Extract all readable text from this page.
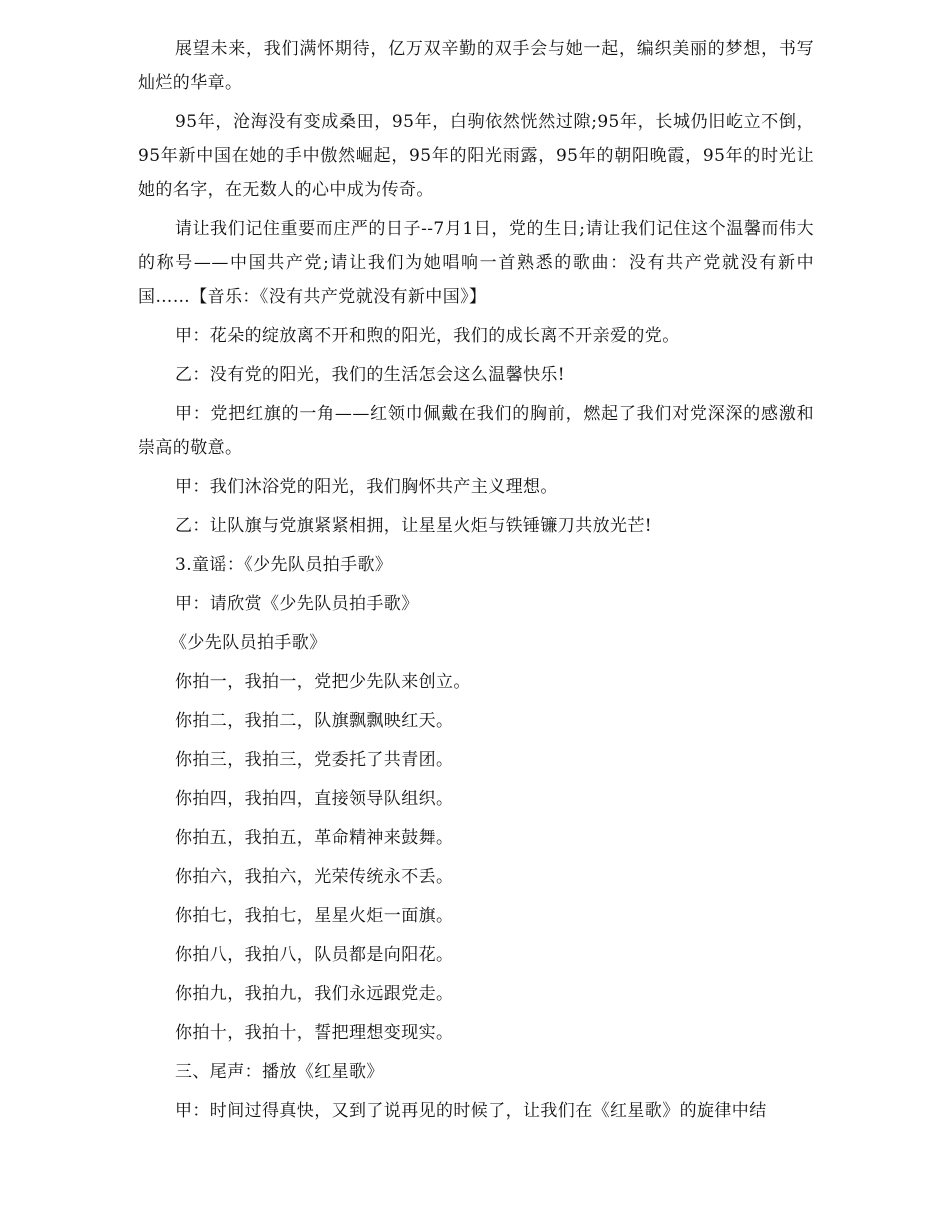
展望未来，我们满怀期待，亿万双辛勤的双手会与她一起，编织美丽的梦想，书写灿烂的华章。

95年，沧海没有变成桑田，95年，白驹依然恍然过隙;95年，长城仍旧屹立不倒，95年新中国在她的手中傲然崛起，95年的阳光雨露，95年的朝阳晚霞，95年的时光让她的名字，在无数人的心中成为传奇。

请让我们记住重要而庄严的日子--7月1日，党的生日;请让我们记住这个温馨而伟大的称号——中国共产党;请让我们为她唱响一首熟悉的歌曲：没有共产党就没有新中国……【音乐：《没有共产党就没有新中国》】

甲：花朵的绽放离不开和煦的阳光，我们的成长离不开亲爱的党。

乙：没有党的阳光，我们的生活怎会这么温馨快乐!

甲：党把红旗的一角——红领巾佩戴在我们的胸前，燃起了我们对党深深的感激和崇高的敬意。

甲：我们沐浴党的阳光，我们胸怀共产主义理想。

乙：让队旗与党旗紧紧相拥，让星星火炬与铁锤镰刀共放光芒!

3.童谣：《少先队员拍手歌》

甲：请欣赏《少先队员拍手歌》

《少先队员拍手歌》

你拍一，我拍一，党把少先队来创立。

你拍二，我拍二，队旗飘飘映红天。

你拍三，我拍三，党委托了共青团。

你拍四，我拍四，直接领导队组织。

你拍五，我拍五，革命精神来鼓舞。

你拍六，我拍六，光荣传统永不丢。

你拍七，我拍七，星星火炬一面旗。

你拍八，我拍八，队员都是向阳花。

你拍九，我拍九，我们永远跟党走。

你拍十，我拍十，誓把理想变现实。

三、尾声：播放《红星歌》

甲：时间过得真快，又到了说再见的时候了，让我们在《红星歌》的旋律中结
